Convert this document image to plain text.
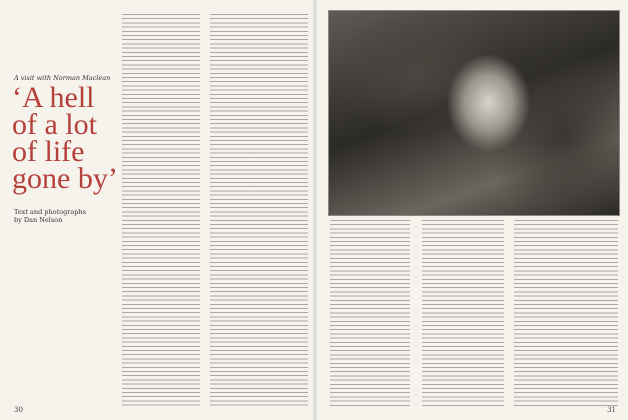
A visit with Norman Maclean
‘A hell
of a lot
of life
gone by’
Text and photographs
by Dan Nelson
30	31
